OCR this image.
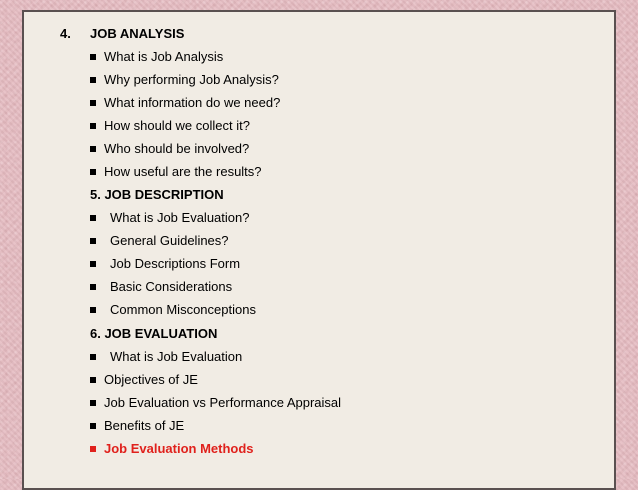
4. JOB ANALYSIS
What is Job Analysis
Why performing Job Analysis?
What information do we need?
How should we collect it?
Who should be involved?
How useful are the results?
5. JOB DESCRIPTION
What is Job Evaluation?
General Guidelines?
Job Descriptions Form
Basic Considerations
Common Misconceptions
6. JOB EVALUATION
What is Job Evaluation
Objectives of JE
Job Evaluation vs Performance Appraisal
Benefits of JE
Job Evaluation Methods
